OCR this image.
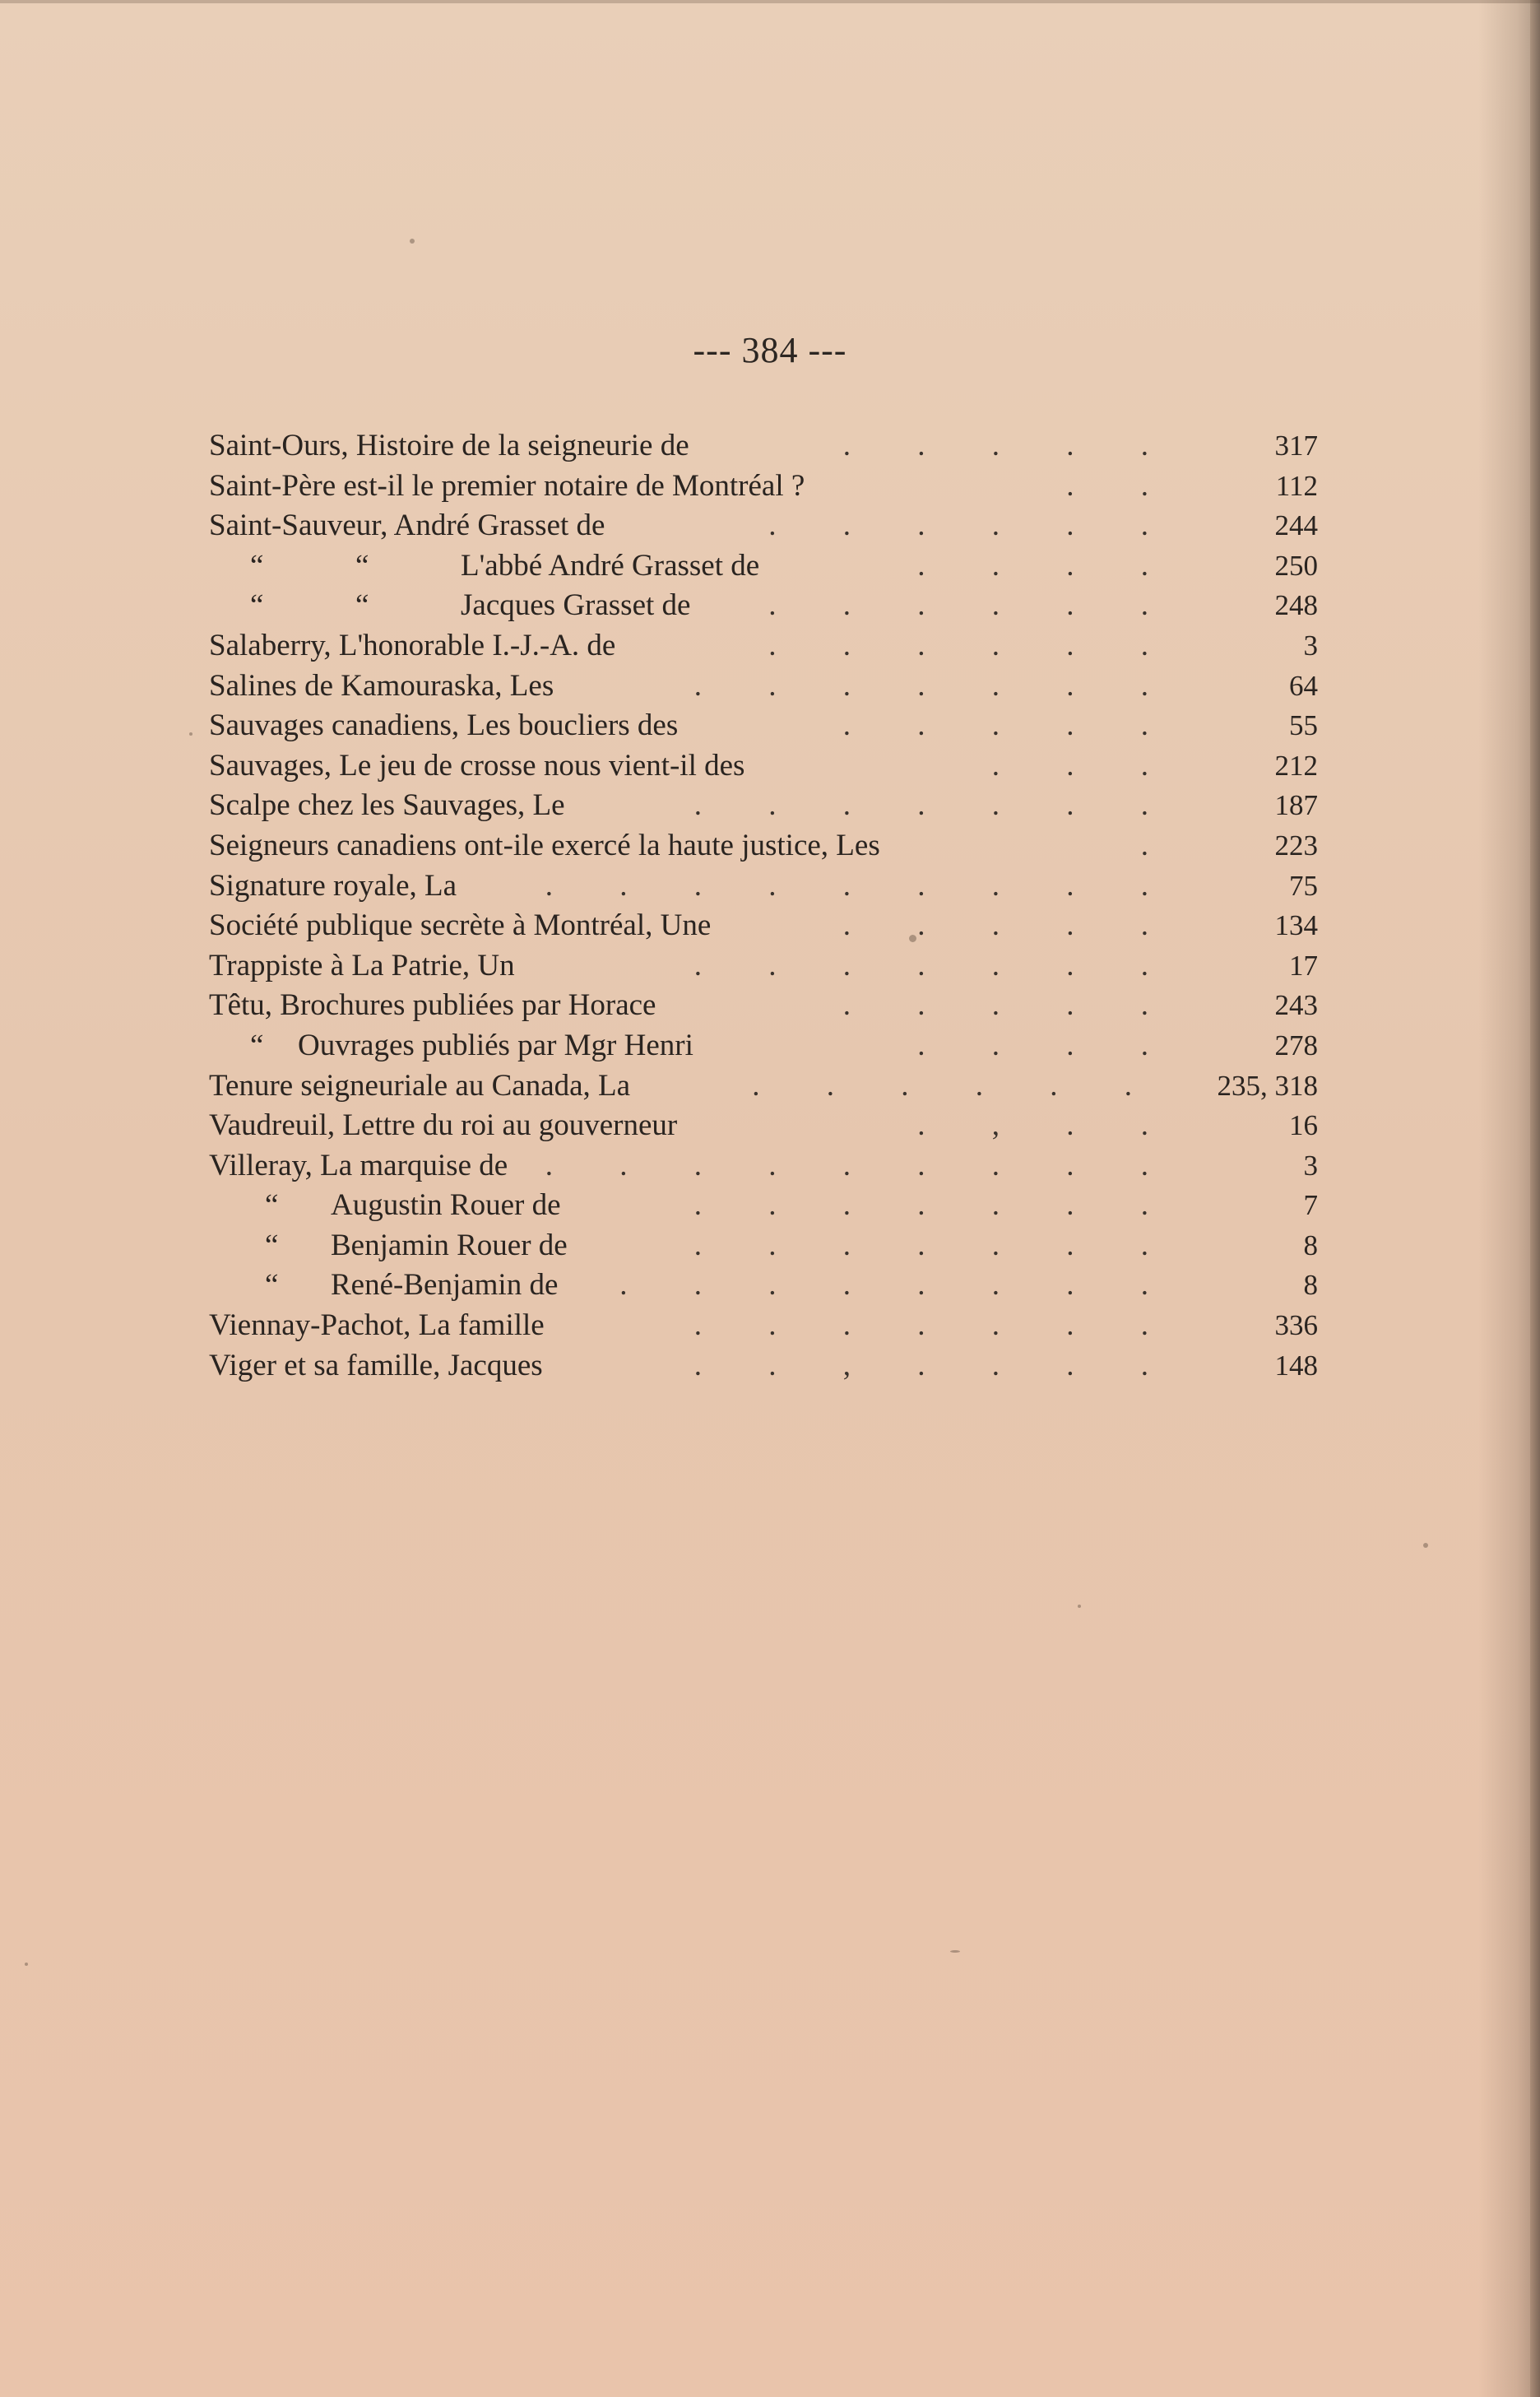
--- 384 ---
Saint-Ours, Histoire de la seigneurie de	. . . . .	317
Saint-Père est-il le premier notaire de Montréal ?	. .	112
Saint-Sauveur, André Grasset de	. . . . . .	244
“	“	L'abbé André Grasset de	. . . .	250
“	“	Jacques Grasset de	. . . . . .	248
Salaberry, L'honorable I.-J.-A. de	. . . . . .	3
Salines de Kamouraska, Les	. . . . . . .	64
Sauvages canadiens, Les boucliers des	. . . . .	55
Sauvages, Le jeu de crosse nous vient-il des	. . .	212
Scalpe chez les Sauvages, Le	. . . . . . .	187
Seigneurs canadiens ont-ile exercé la haute justice, Les	.	223
Signature royale, La	. . . . . . . . .	75
Société publique secrète à Montréal, Une	. . . . .	134
Trappiste à La Patrie, Un	. . . . . . .	17
Têtu, Brochures publiées par Horace	. . . . .	243
“ Ouvrages publiés par Mgr Henri	. . . .	278
Tenure seigneuriale au Canada, La	. . . . . . 235, 318
Vaudreuil, Lettre du roi au gouverneur	. , . .	16
Villeray, La marquise de . . . . . . . . .	3
“ Augustin Rouer de	. . . . . . .	7
“ Benjamin Rouer de	. . . . . . .	8
“ René-Benjamin de . . . . . . . .	8
Viennay-Pachot, La famille	. . . . . . .	336
Viger et sa famille, Jacques	. . , . . . .	148
